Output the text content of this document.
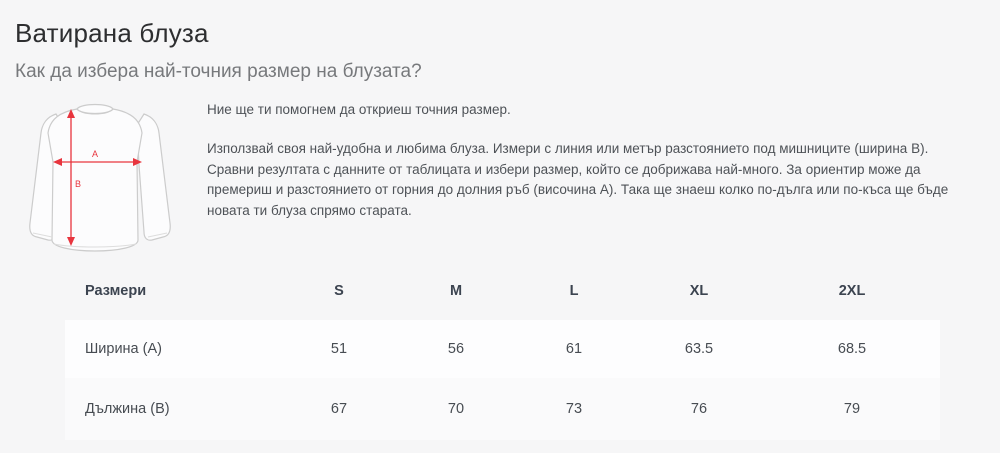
Ватирана блуза
Как да избера най-точния размер на блузата?
A
B

Ние ще ти помогнем да откриеш точния размер.

Използвай своя най-удобна и любима блуза. Измери с линия или метър разстоянието под мишниците (ширина В). Сравни резултата с данните от таблицата и избери размер, който се добрижава най-много. За ориентир може да премериш и разстоянието от горния до долния ръб (височина А). Така ще знаеш колко по-дълга или по-къса ще бъде новата ти блуза спрямо старата.

Размери	S	M	L	XL	2XL
Ширина (А)	51	56	61	63.5	68.5
Дължина (В)	67	70	73	76	79
